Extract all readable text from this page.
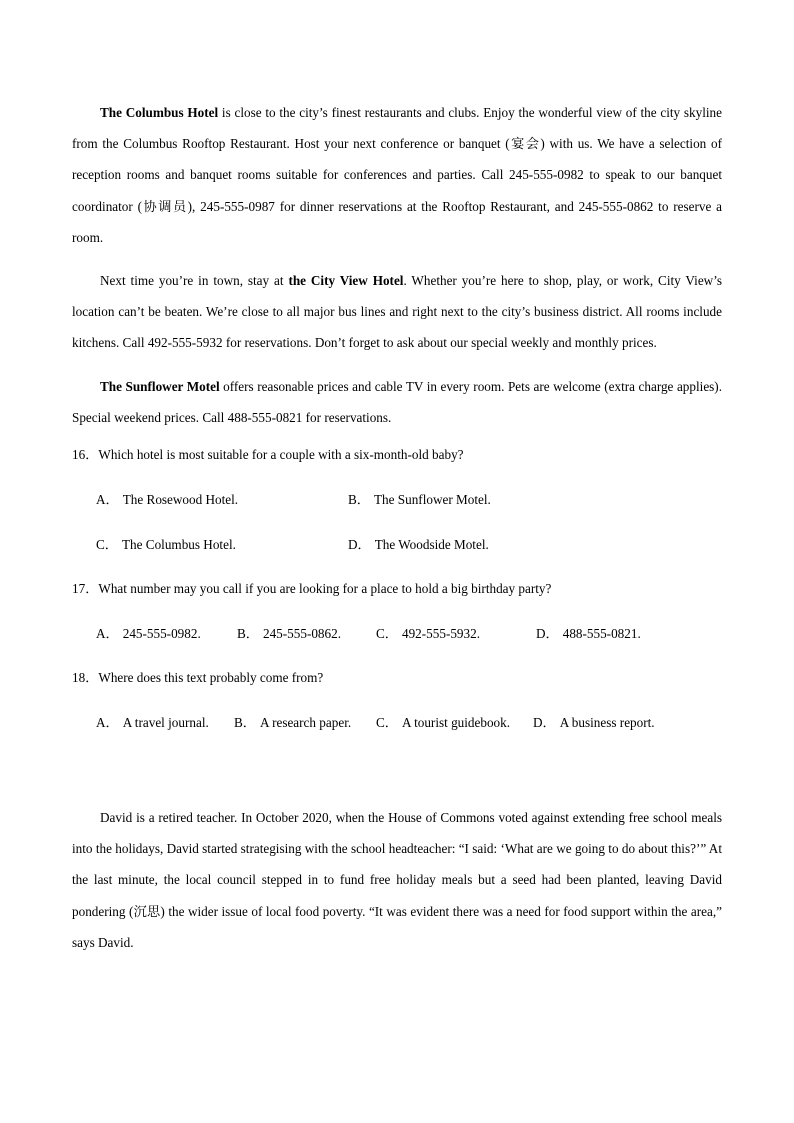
The Columbus Hotel is close to the city’s finest restaurants and clubs. Enjoy the wonderful view of the city skyline from the Columbus Rooftop Restaurant. Host your next conference or banquet (宴会) with us. We have a selection of reception rooms and banquet rooms suitable for conferences and parties. Call 245-555-0982 to speak to our banquet coordinator (协调员), 245-555-0987 for dinner reservations at the Rooftop Restaurant, and 245-555-0862 to reserve a room.

Next time you’re in town, stay at the City View Hotel. Whether you’re here to shop, play, or work, City View’s location can’t be beaten. We’re close to all major bus lines and right next to the city’s business district. All rooms include kitchens. Call 492-555-5932 for reservations. Don’t forget to ask about our special weekly and monthly prices.

The Sunflower Motel offers reasonable prices and cable TV in every room. Pets are welcome (extra charge applies). Special weekend prices. Call 488-555-0821 for reservations.

16．Which hotel is most suitable for a couple with a six-month-old baby?
A． The Rosewood Hotel.	B． The Sunflower Motel.
C． The Columbus Hotel.	D． The Woodside Motel.
17．What number may you call if you are looking for a place to hold a big birthday party?
A． 245-555-0982.	B． 245-555-0862.	C． 492-555-5932.	D． 488-555-0821.
18．Where does this text probably come from?
A． A travel journal.	B． A research paper.	C． A tourist guidebook.	D． A business report.

David is a retired teacher. In October 2020, when the House of Commons voted against extending free school meals into the holidays, David started strategising with the school headteacher: “I said: ‘What are we going to do about this?’” At the last minute, the local council stepped in to fund free holiday meals but a seed had been planted, leaving David pondering (沉思) the wider issue of local food poverty. “It was evident there was a need for food support within the area,” says David.
